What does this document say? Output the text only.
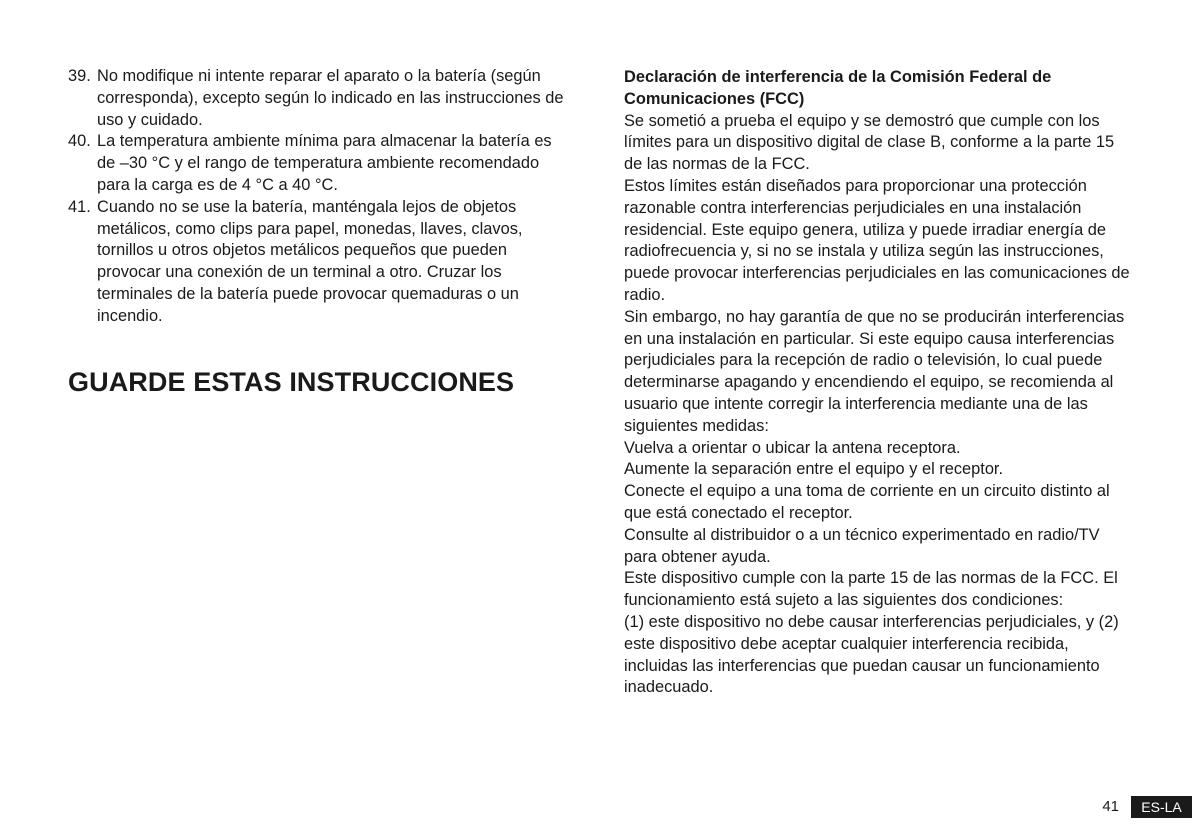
39. No modifique ni intente reparar el aparato o la batería (según corresponda), excepto según lo indicado en las instrucciones de uso y cuidado.
40. La temperatura ambiente mínima para almacenar la batería es de –30 °C y el rango de temperatura ambiente recomendado para la carga es de 4 °C a 40 °C.
41. Cuando no se use la batería, manténgala lejos de objetos metálicos, como clips para papel, monedas, llaves, clavos, tornillos u otros objetos metálicos pequeños que pueden provocar una conexión de un terminal a otro. Cruzar los terminales de la batería puede provocar quemaduras o un incendio.
GUARDE ESTAS INSTRUCCIONES
Declaración de interferencia de la Comisión Federal de Comunicaciones (FCC)

Se sometió a prueba el equipo y se demostró que cumple con los límites para un dispositivo digital de clase B, conforme a la parte 15 de las normas de la FCC.

Estos límites están diseñados para proporcionar una protección razonable contra interferencias perjudiciales en una instalación residencial. Este equipo genera, utiliza y puede irradiar energía de radiofrecuencia y, si no se instala y utiliza según las instrucciones, puede provocar interferencias perjudiciales en las comunicaciones de radio.

Sin embargo, no hay garantía de que no se producirán interferencias en una instalación en particular. Si este equipo causa interferencias perjudiciales para la recepción de radio o televisión, lo cual puede determinarse apagando y encendiendo el equipo, se recomienda al usuario que intente corregir la interferencia mediante una de las siguientes medidas:

Vuelva a orientar o ubicar la antena receptora.

Aumente la separación entre el equipo y el receptor.

Conecte el equipo a una toma de corriente en un circuito distinto al que está conectado el receptor.

Consulte al distribuidor o a un técnico experimentado en radio/TV para obtener ayuda.

Este dispositivo cumple con la parte 15 de las normas de la FCC. El funcionamiento está sujeto a las siguientes dos condiciones:

(1) este dispositivo no debe causar interferencias perjudiciales, y (2) este dispositivo debe aceptar cualquier interferencia recibida, incluidas las interferencias que puedan causar un funcionamiento inadecuado.

41	ES-LA
